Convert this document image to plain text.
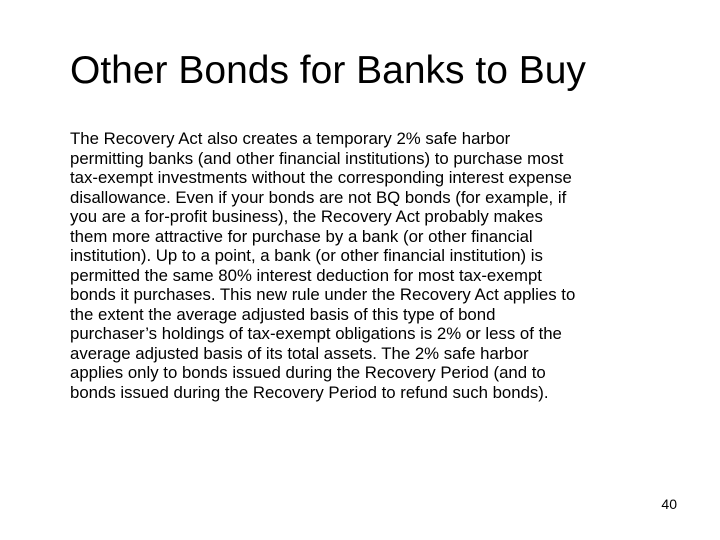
Other Bonds for Banks to Buy

The Recovery Act also creates a temporary 2% safe harbor
permitting banks (and other financial institutions) to purchase most
tax-exempt investments without the corresponding interest expense
disallowance. Even if your bonds are not BQ bonds (for example, if
you are a for-profit business), the Recovery Act probably makes
them more attractive for purchase by a bank (or other financial
institution). Up to a point, a bank (or other financial institution) is
permitted the same 80% interest deduction for most tax-exempt
bonds it purchases. This new rule under the Recovery Act applies to
the extent the average adjusted basis of this type of bond
purchaser’s holdings of tax-exempt obligations is 2% or less of the
average adjusted basis of its total assets. The 2% safe harbor
applies only to bonds issued during the Recovery Period (and to
bonds issued during the Recovery Period to refund such bonds).

40
